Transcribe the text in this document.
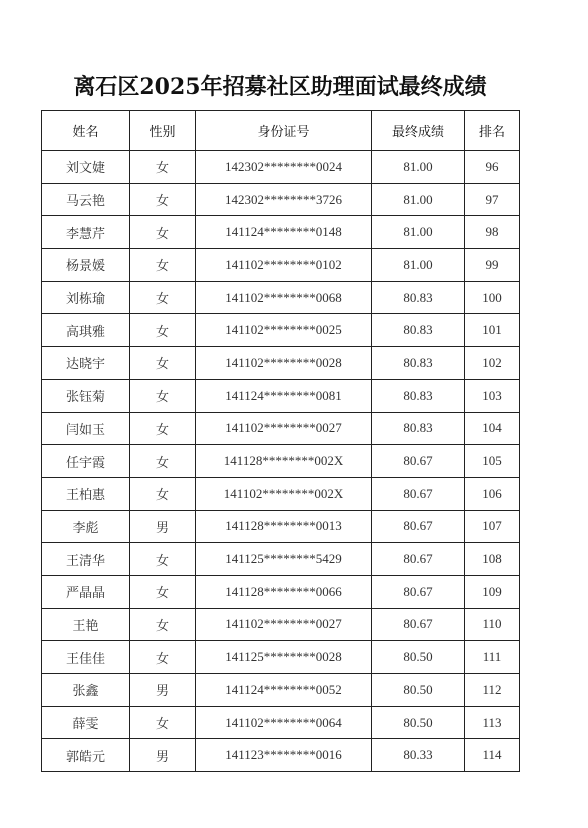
离石区2025年招募社区助理面试最终成绩
姓名	性别	身份证号	最终成绩	排名
刘文婕	女	142302********0024	81.00	96
马云艳	女	142302********3726	81.00	97
李慧芹	女	141124********0148	81.00	98
杨景媛	女	141102********0102	81.00	99
刘栋瑜	女	141102********0068	80.83	100
高琪雅	女	141102********0025	80.83	101
达晓宇	女	141102********0028	80.83	102
张钰菊	女	141124********0081	80.83	103
闫如玉	女	141102********0027	80.83	104
任宇霞	女	141128********002X	80.67	105
王柏惠	女	141102********002X	80.67	106
李彪	男	141128********0013	80.67	107
王清华	女	141125********5429	80.67	108
严晶晶	女	141128********0066	80.67	109
王艳	女	141102********0027	80.67	110
王佳佳	女	141125********0028	80.50	111
张鑫	男	141124********0052	80.50	112
薛雯	女	141102********0064	80.50	113
郭皓元	男	141123********0016	80.33	114
